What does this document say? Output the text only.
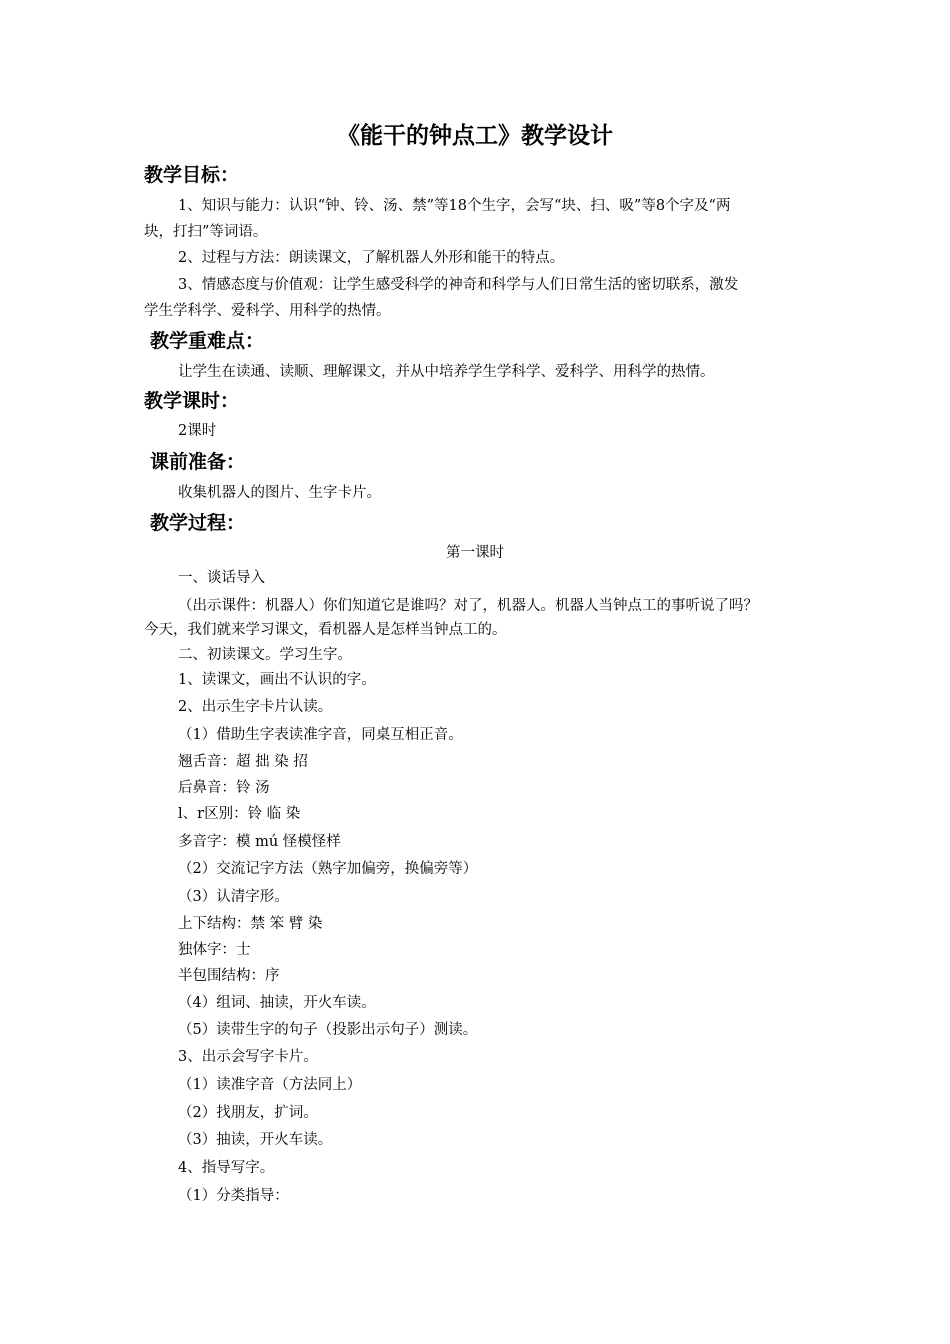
《能干的钟点工》教学设计
教学目标：
1、知识与能力：认识“钟、铃、汤、禁”等18个生字，会写“块、扫、吸”等8个字及“两
块，打扫”等词语。
2、过程与方法：朗读课文，了解机器人外形和能干的特点。
3、情感态度与价值观：让学生感受科学的神奇和科学与人们日常生活的密切联系，激发
学生学科学、爱科学、用科学的热情。
教学重难点：
让学生在读通、读顺、理解课文，并从中培养学生学科学、爱科学、用科学的热情。
教学课时：
2课时
课前准备：
收集机器人的图片、生字卡片。
教学过程：
第一课时
一、谈话导入
（出示课件：机器人）你们知道它是谁吗？对了，机器人。机器人当钟点工的事听说了吗？
今天，我们就来学习课文，看机器人是怎样当钟点工的。
二、初读课文。学习生字。
1、读课文，画出不认识的字。
2、出示生字卡片认读。
（1）借助生字表读准字音，同桌互相正音。
翘舌音：超 拙 染 招
后鼻音：铃 汤
l、r区别：铃 临 染
多音字：模 mú 怪模怪样
（2）交流记字方法（熟字加偏旁，换偏旁等）
（3）认清字形。
上下结构：禁 笨 臂 染
独体字：士
半包围结构：序
（4）组词、抽读，开火车读。
（5）读带生字的句子（投影出示句子）测读。
3、出示会写字卡片。
（1）读准字音（方法同上）
（2）找朋友，扩词。
（3）抽读，开火车读。
4、指导写字。
（1）分类指导：
